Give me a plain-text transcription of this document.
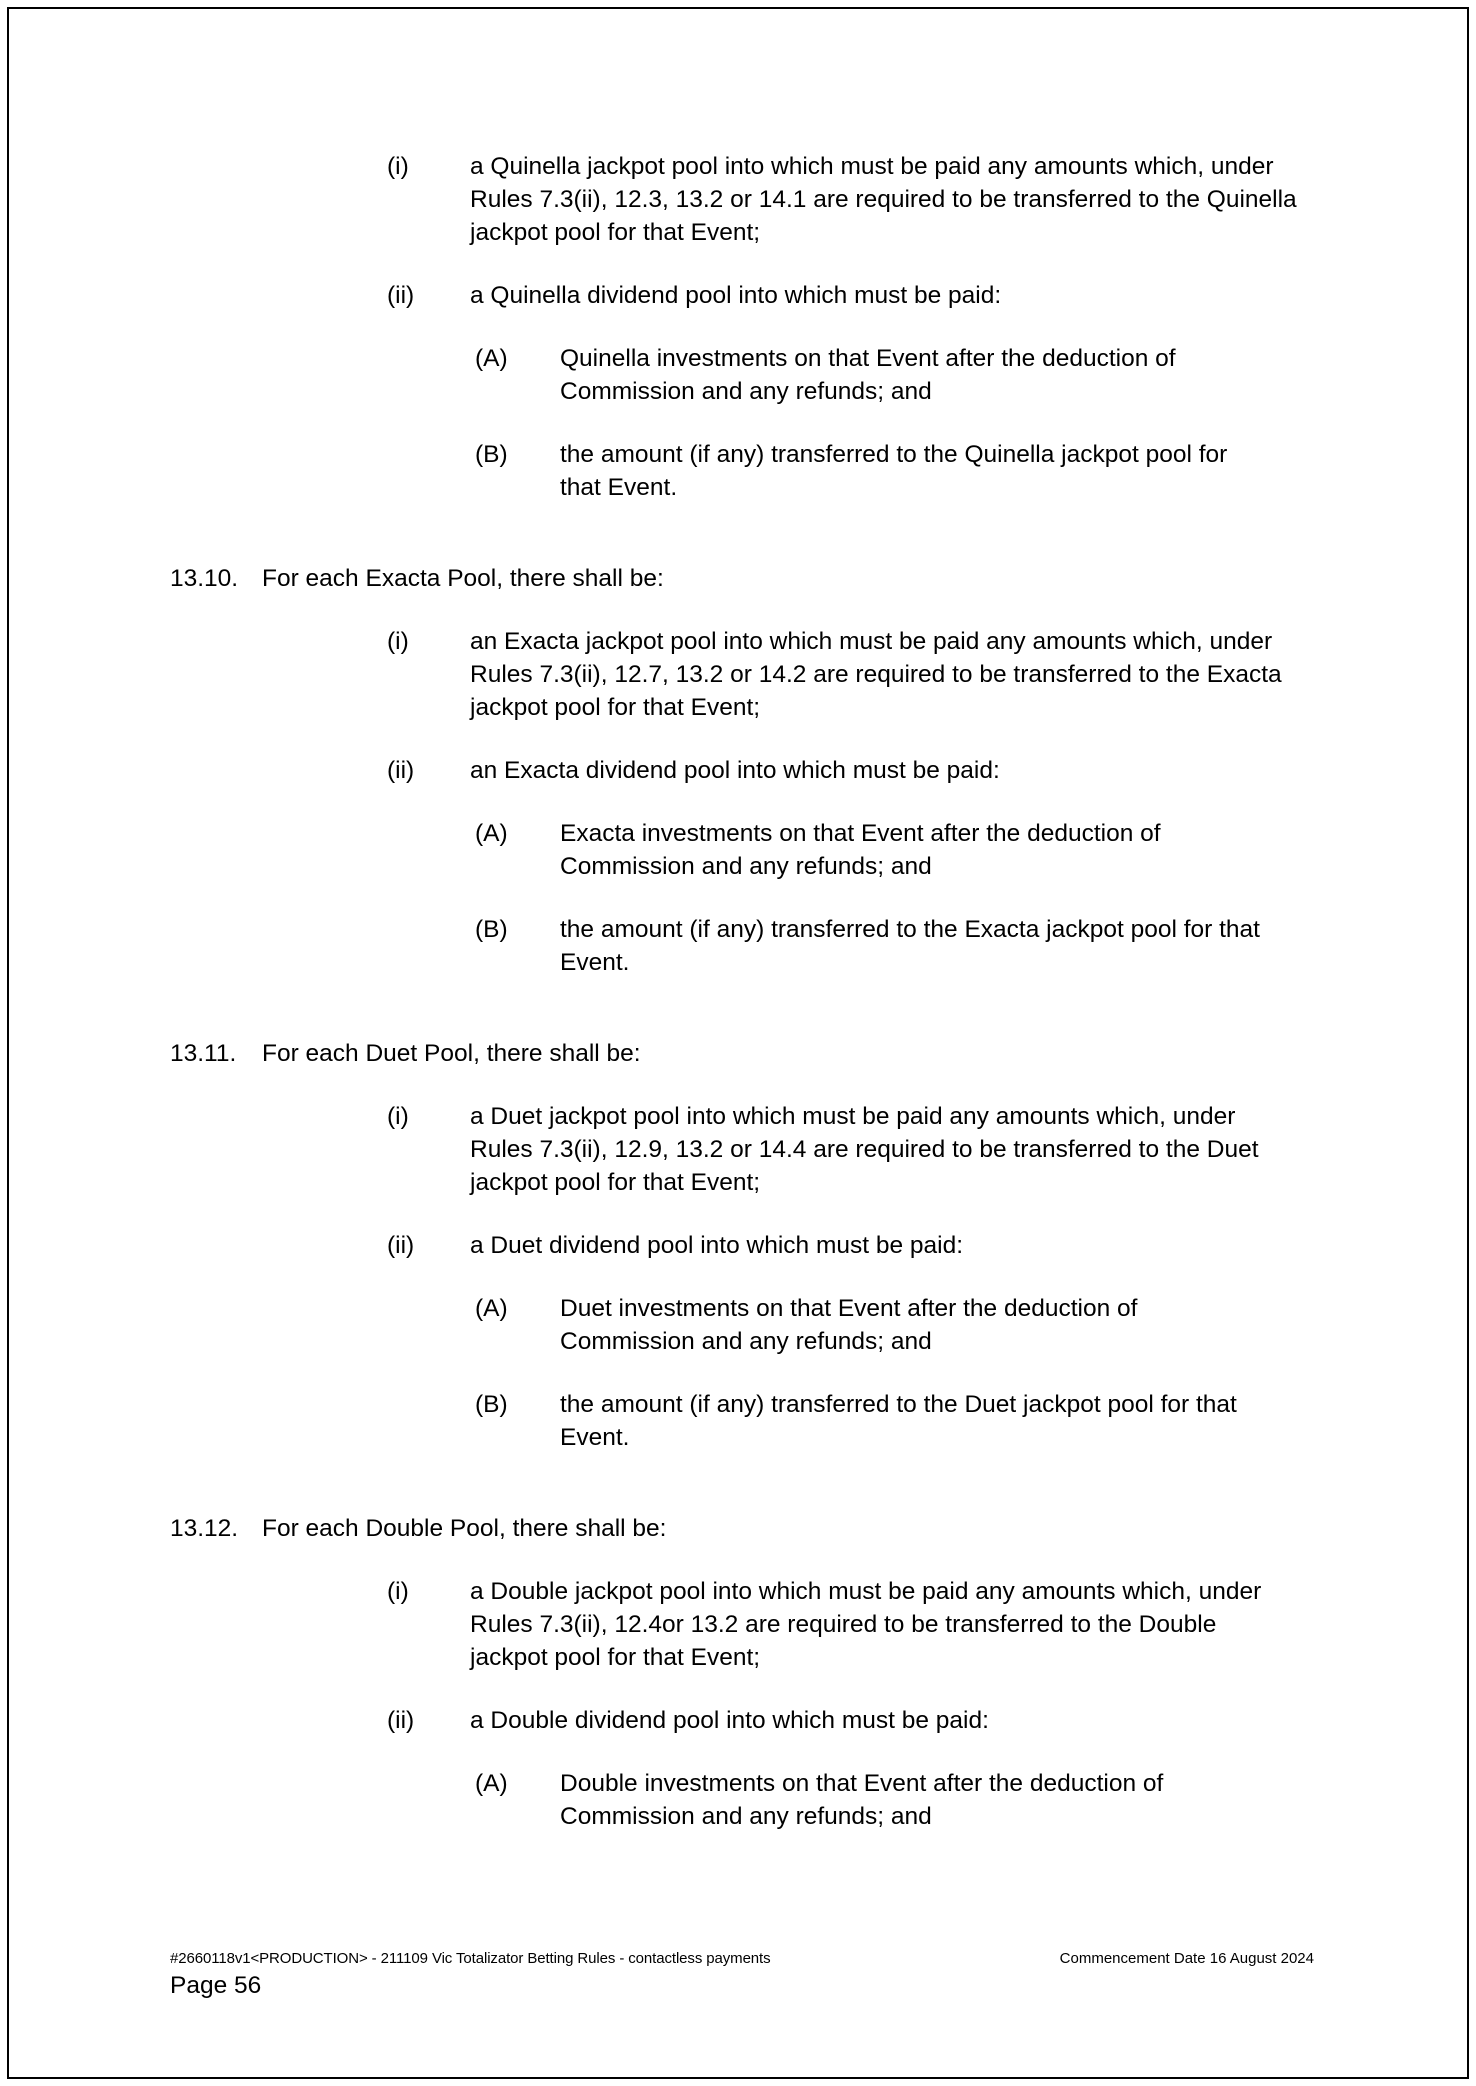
(i)	a Quinella jackpot pool into which must be paid any amounts which, under Rules 7.3(ii), 12.3, 13.2 or 14.1 are required to be transferred to the Quinella jackpot pool for that Event;
(ii)	a Quinella dividend pool into which must be paid:
(A)	Quinella investments on that Event after the deduction of Commission and any refunds; and
(B)	the amount (if any) transferred to the Quinella jackpot pool for that Event.
13.10. For each Exacta Pool, there shall be:
(i)	an Exacta jackpot pool into which must be paid any amounts which, under Rules 7.3(ii), 12.7, 13.2 or 14.2 are required to be transferred to the Exacta jackpot pool for that Event;
(ii)	an Exacta dividend pool into which must be paid:
(A)	Exacta investments on that Event after the deduction of Commission and any refunds; and
(B)	the amount (if any) transferred to the Exacta jackpot pool for that Event.
13.11.	For each Duet Pool, there shall be:
(i)	a Duet jackpot pool into which must be paid any amounts which, under Rules 7.3(ii), 12.9, 13.2 or 14.4 are required to be transferred to the Duet jackpot pool for that Event;
(ii)	a Duet dividend pool into which must be paid:
(A)	Duet investments on that Event after the deduction of Commission and any refunds; and
(B)	the amount (if any) transferred to the Duet jackpot pool for that Event.
13.12. For each Double Pool, there shall be:
(i)	a Double jackpot pool into which must be paid any amounts which, under Rules 7.3(ii), 12.4or 13.2 are required to be transferred to the Double jackpot pool for that Event;
(ii)	a Double dividend pool into which must be paid:
(A)	Double investments on that Event after the deduction of Commission and any refunds; and
#2660118v1<PRODUCTION> - 211109 Vic Totalizator Betting Rules - contactless payments	Commencement Date 16 August 2024
Page 56
